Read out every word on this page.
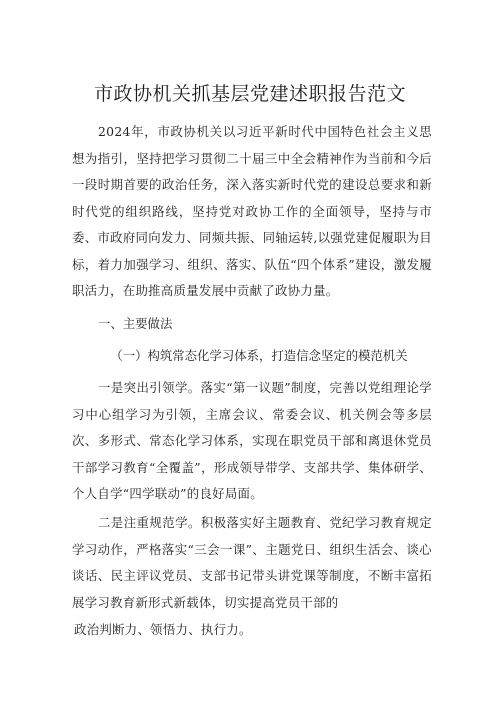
市政协机关抓基层党建述职报告范文

2024年，市政协机关以习近平新时代中国特色社会主义思想为指引，坚持把学习贯彻二十届三中全会精神作为当前和今后一段时期首要的政治任务，深入落实新时代党的建设总要求和新时代党的组织路线，坚持党对政协工作的全面领导，坚持与市委、市政府同向发力、同频共振、同轴运转,以强党建促履职为目标，着力加强学习、组织、落实、队伍“四个体系”建设，激发履职活力，在助推高质量发展中贡献了政协力量。

一、主要做法
（一）构筑常态化学习体系，打造信念坚定的模范机关

一是突出引领学。落实“第一议题”制度，完善以党组理论学习中心组学习为引领，主席会议、常委会议、机关例会等多层次、多形式、常态化学习体系，实现在职党员干部和离退休党员干部学习教育“全覆盖”，形成领导带学、支部共学、集体研学、个人自学“四学联动”的良好局面。

二是注重规范学。积极落实好主题教育、党纪学习教育规定学习动作，严格落实“三会一课”、主题党日、组织生活会、谈心谈话、民主评议党员、支部书记带头讲党课等制度，不断丰富拓展学习教育新形式新载体，切实提高党员干部的

政治判断力、领悟力、执行力。
